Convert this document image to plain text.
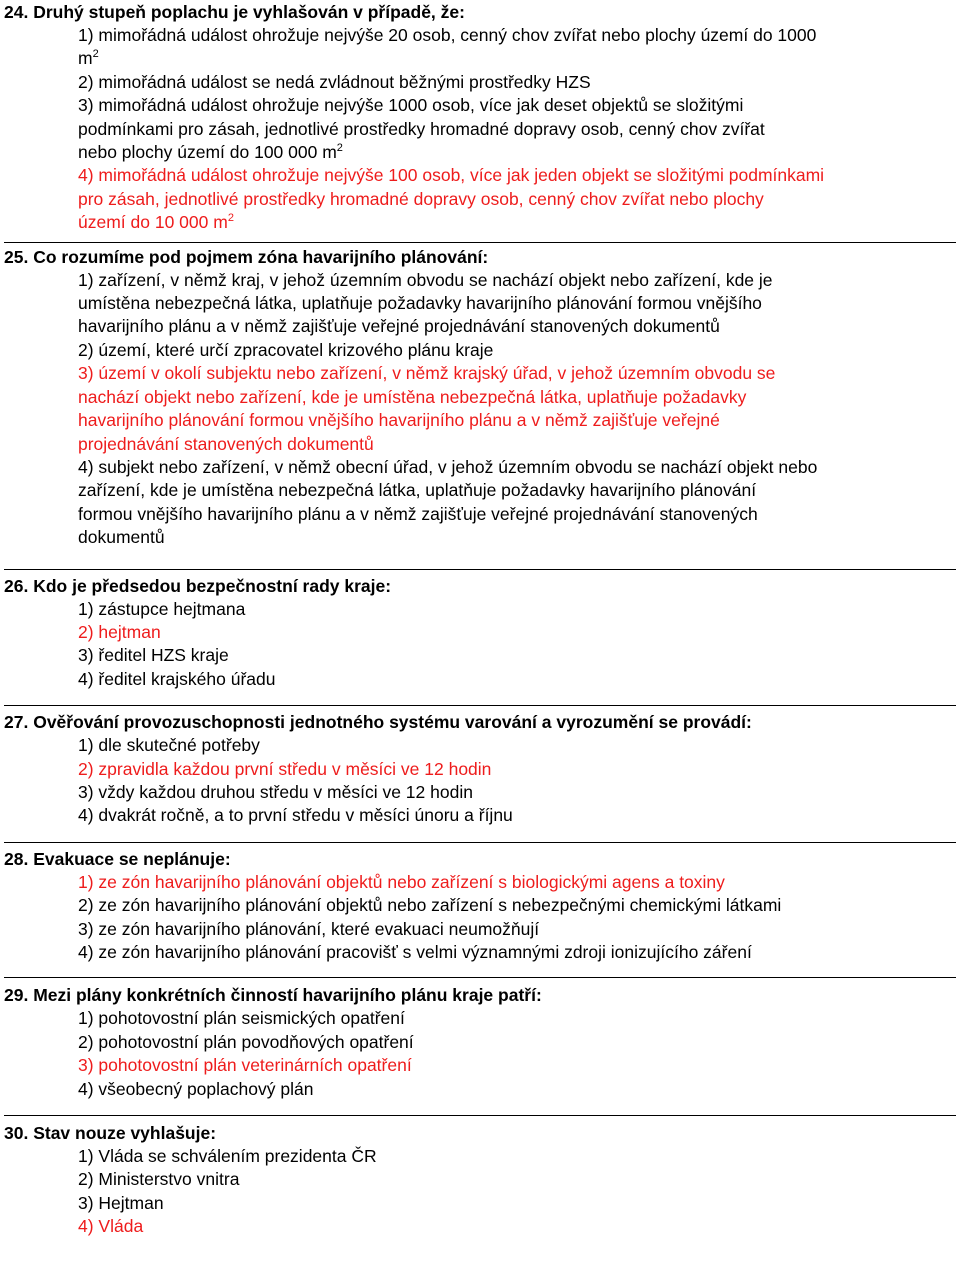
24. Druhý stupeň poplachu je vyhlašován v případě, že:
1) mimořádná událost ohrožuje nejvýše 20 osob, cenný chov zvířat nebo plochy území do 1000
$m^2$
2) mimořádná událost se nedá zvládnout běžnými prostředky HZS
3) mimořádná událost ohrožuje nejvýše 1000 osob, více jak deset objektů se složitými
podmínkami pro zásah, jednotlivé prostředky hromadné dopravy osob, cenný chov zvířat
nebo plochy území do 100 000 $m^2$
4) mimořádná událost ohrožuje nejvýše 100 osob, více jak jeden objekt se složitými podmínkami
pro zásah, jednotlivé prostředky hromadné dopravy osob, cenný chov zvířat nebo plochy
území do 10 000 $m^2$
25. Co rozumíme pod pojmem zóna havarijního plánování:
1) zařízení, v němž kraj, v jehož územním obvodu se nachází objekt nebo zařízení, kde je
umístěna nebezpečná látka, uplatňuje požadavky havarijního plánování formou vnějšího
havarijního plánu a v němž zajišťuje veřejné projednávání stanovených dokumentů
2) území, které určí zpracovatel krizového plánu kraje
3) území v okolí subjektu nebo zařízení, v němž krajský úřad, v jehož územním obvodu se
nachází objekt nebo zařízení, kde je umístěna nebezpečná látka, uplatňuje požadavky
havarijního plánování formou vnějšího havarijního plánu a v němž zajišťuje veřejné
projednávání stanovených dokumentů
4) subjekt nebo zařízení, v němž obecní úřad, v jehož územním obvodu se nachází objekt nebo
zařízení, kde je umístěna nebezpečná látka, uplatňuje požadavky havarijního plánování
formou vnějšího havarijního plánu a v němž zajišťuje veřejné projednávání stanovených
dokumentů
26. Kdo je předsedou bezpečnostní rady kraje:
1) zástupce hejtmana
2) hejtman
3) ředitel HZS kraje
4) ředitel krajského úřadu
27. Ověřování provozuschopnosti jednotného systému varování a vyrozumění se provádí:
1) dle skutečné potřeby
2) zpravidla každou první středu v měsíci ve 12 hodin
3) vždy každou druhou středu v měsíci ve 12 hodin
4) dvakrát ročně, a to první středu v měsíci únoru a říjnu
28. Evakuace se neplánuje:
1) ze zón havarijního plánování objektů nebo zařízení s biologickými agens a toxiny
2) ze zón havarijního plánování objektů nebo zařízení s nebezpečnými chemickými látkami
3) ze zón havarijního plánování, které evakuaci neumožňují
4) ze zón havarijního plánování pracovišť s velmi významnými zdroji ionizujícího záření
29. Mezi plány konkrétních činností havarijního plánu kraje patří:
1) pohotovostní plán seismických opatření
2) pohotovostní plán povodňových opatření
3) pohotovostní plán veterinárních opatření
4) všeobecný poplachový plán
30. Stav nouze vyhlašuje:
1) Vláda se schválením prezidenta ČR
2) Ministerstvo vnitra
3) Hejtman
4) Vláda
